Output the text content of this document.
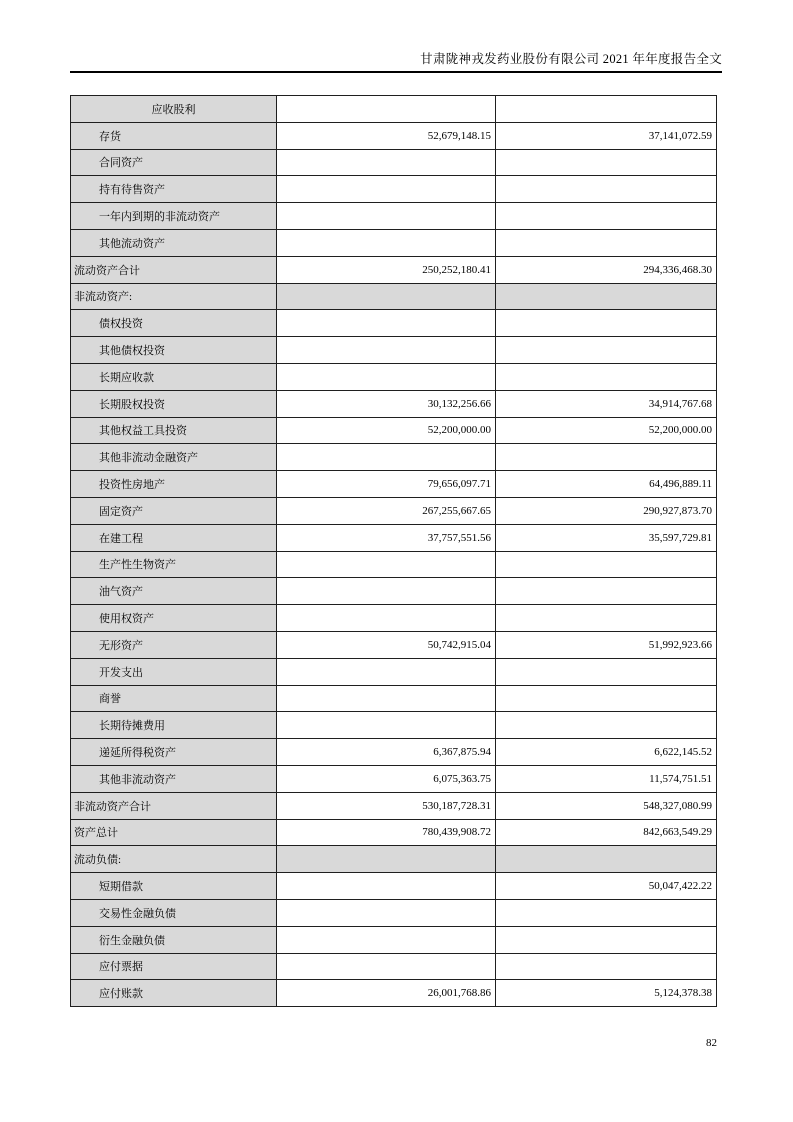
甘肃陇神戎发药业股份有限公司 2021 年年度报告全文
应收股利		
存货	52,679,148.15	37,141,072.59
合同资产		
持有待售资产		
一年内到期的非流动资产		
其他流动资产		
流动资产合计	250,252,180.41	294,336,468.30
非流动资产:		
债权投资		
其他债权投资		
长期应收款		
长期股权投资	30,132,256.66	34,914,767.68
其他权益工具投资	52,200,000.00	52,200,000.00
其他非流动金融资产		
投资性房地产	79,656,097.71	64,496,889.11
固定资产	267,255,667.65	290,927,873.70
在建工程	37,757,551.56	35,597,729.81
生产性生物资产		
油气资产		
使用权资产		
无形资产	50,742,915.04	51,992,923.66
开发支出		
商誉		
长期待摊费用		
递延所得税资产	6,367,875.94	6,622,145.52
其他非流动资产	6,075,363.75	11,574,751.51
非流动资产合计	530,187,728.31	548,327,080.99
资产总计	780,439,908.72	842,663,549.29
流动负债:		
短期借款		50,047,422.22
交易性金融负债		
衍生金融负债		
应付票据		
应付账款	26,001,768.86	5,124,378.38
82
